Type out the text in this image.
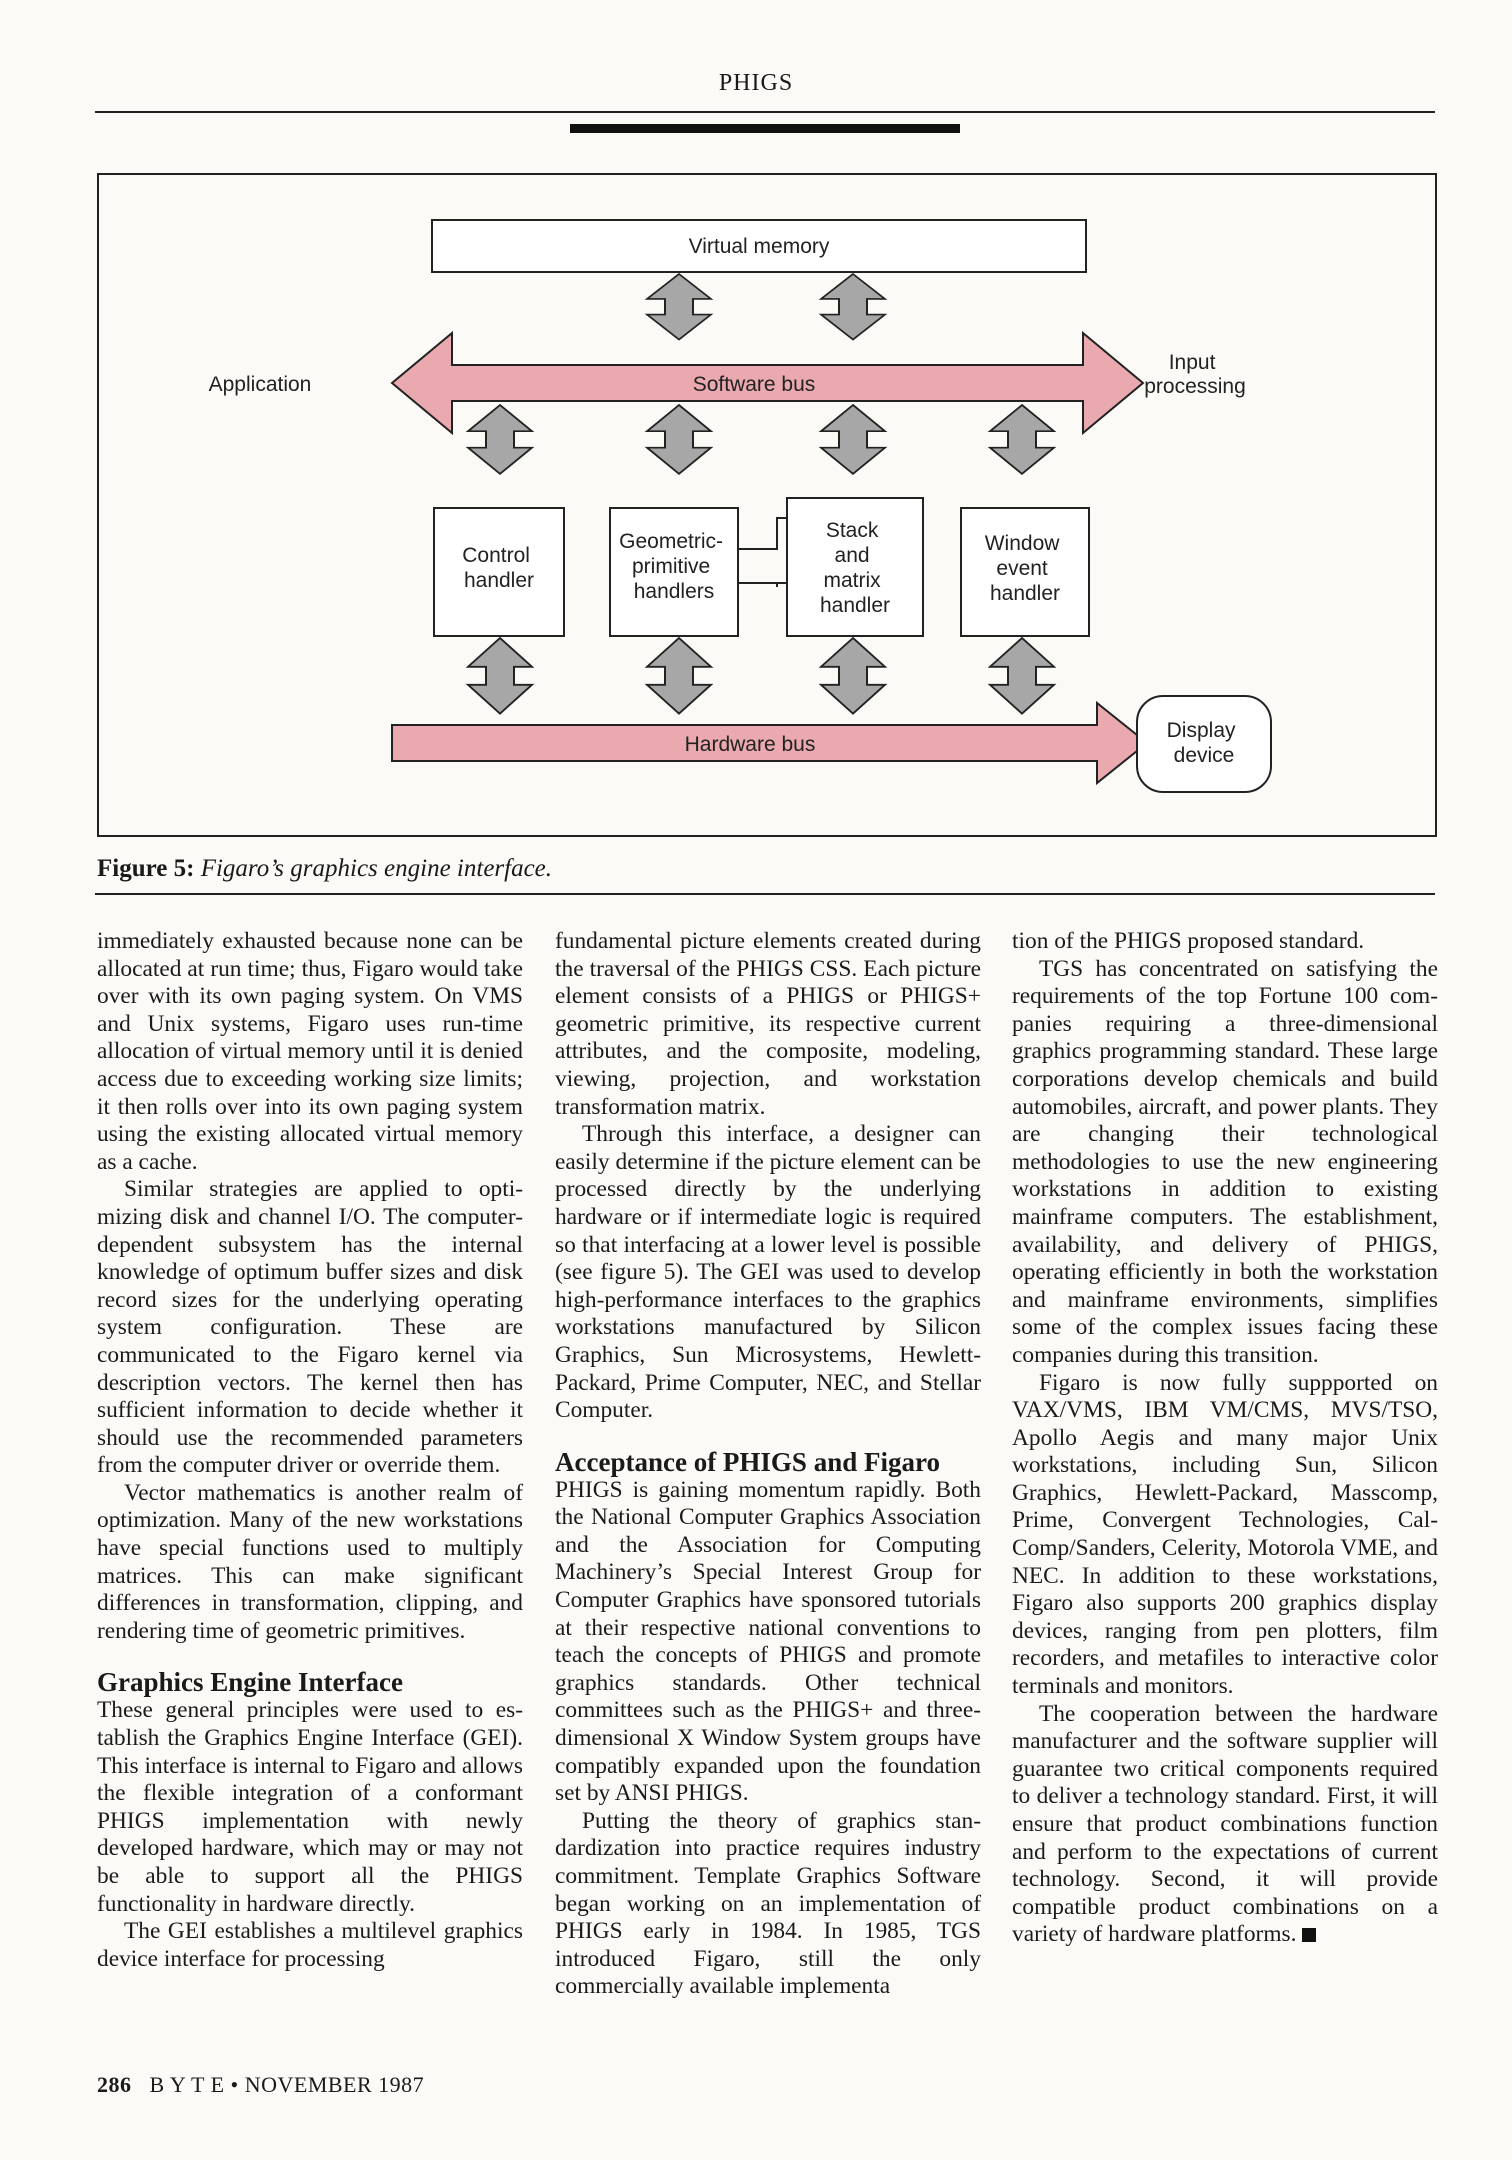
PHIGS
Virtual memory
Software bus
Application
Input processing
Control handler
Geometric- primitive handlers
Stack and matrix handler
Window event handler
Hardware bus
Display device
Figure 5: Figaro’s graphics engine interface.

immediately exhausted because none can be allocated at run time; thus, Figaro would take over with its own paging system. On VMS and Unix systems, Figaro uses run-time allocation of virtual memory until it is denied access due to exceeding working size limits; it then rolls over into its own paging system using the existing allocated virtual memory as a cache.

Similar strategies are applied to optimizing disk and channel I/O. The computer-dependent subsystem has the internal knowledge of optimum buffer sizes and disk record sizes for the underlying operating system configuration. These are communicated to the Figaro kernel via description vectors. The kernel then has sufficient information to decide whether it should use the recommended parameters from the computer driver or override them.

Vector mathematics is another realm of optimization. Many of the new workstations have special functions used to multiply matrices. This can make significant differences in transformation, clipping, and rendering time of geometric primitives.

Graphics Engine Interface

These general principles were used to establish the Graphics Engine Interface (GEI). This interface is internal to Figaro and allows the flexible integration of a conformant PHIGS implementation with newly developed hardware, which may or may not be able to support all the PHIGS functionality in hardware directly.

The GEI establishes a multilevel graphics device interface for processing

fundamental picture elements created during the traversal of the PHIGS CSS. Each picture element consists of a PHIGS or PHIGS+ geometric primitive, its respective current attributes, and the composite, modeling, viewing, projection, and workstation transformation matrix.

Through this interface, a designer can easily determine if the picture element can be processed directly by the underlying hardware or if intermediate logic is required so that interfacing at a lower level is possible (see figure 5). The GEI was used to develop high-performance interfaces to the graphics workstations manufactured by Silicon Graphics, Sun Microsystems, Hewlett-Packard, Prime Computer, NEC, and Stellar Computer.

Acceptance of PHIGS and Figaro

PHIGS is gaining momentum rapidly. Both the National Computer Graphics Association and the Association for Computing Machinery’s Special Interest Group for Computer Graphics have sponsored tutorials at their respective national conventions to teach the concepts of PHIGS and promote graphics standards. Other technical committees such as the PHIGS+ and three-dimensional X Window System groups have compatibly expanded upon the foundation set by ANSI PHIGS.

Putting the theory of graphics standardization into practice requires industry commitment. Template Graphics Software began working on an implementation of PHIGS early in 1984. In 1985, TGS introduced Figaro, still the only commercially available implementa

tion of the PHIGS proposed standard.

TGS has concentrated on satisfying the requirements of the top Fortune 100 companies requiring a three-dimensional graphics programming standard. These large corporations develop chemicals and build automobiles, aircraft, and power plants. They are changing their technological methodologies to use the new engineering workstations in addition to existing mainframe computers. The establishment, availability, and delivery of PHIGS, operating efficiently in both the workstation and mainframe environments, simplifies some of the complex issues facing these companies during this transition.

Figaro is now fully suppported on VAX/VMS, IBM VM/CMS, MVS/TSO, Apollo Aegis and many major Unix workstations, including Sun, Silicon Graphics, Hewlett-Packard, Masscomp, Prime, Convergent Technologies, CalComp/Sanders, Celerity, Motorola VME, and NEC. In addition to these workstations, Figaro also supports 200 graphics display devices, ranging from pen plotters, film recorders, and metafiles to interactive color terminals and monitors.

The cooperation between the hardware manufacturer and the software supplier will guarantee two critical components required to deliver a technology standard. First, it will ensure that product combinations function and perform to the expectations of current technology. Second, it will provide compatible product combinations on a variety of hardware platforms.

286 B Y T E • NOVEMBER 1987
